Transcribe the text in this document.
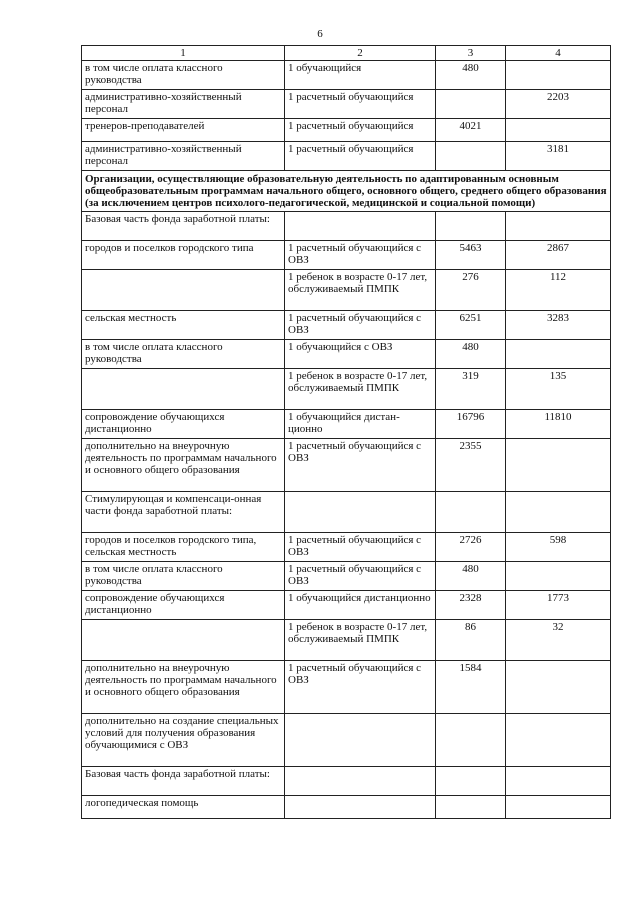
6
1	2	3	4
в том числе оплата классного руководства	1 обучающийся	480	
административно-хозяйственный персонал	1 расчетный обучающийся		2203
тренеров-преподавателей	1 расчетный обучающийся	4021	
административно-хозяйственный персонал	1 расчетный обучающийся		3181
Организации, осуществляющие образовательную деятельность по адаптированным основным общеобразовательным программам начального общего, основного общего, среднего общего образования (за исключением центров психолого-педагогической, медицинской и социальной помощи)			
Базовая часть фонда заработной платы:			
городов и поселков городского типа	1 расчетный обучающийся с ОВЗ	5463	2867
	1 ребенок в возрасте 0-17 лет, обслуживаемый ПМПК	276	112
сельская местность	1 расчетный обучающийся с ОВЗ	6251	3283
в том числе оплата классного руководства	1 обучающийся с ОВЗ	480	
	1 ребенок в возрасте 0-17 лет, обслуживаемый ПМПК	319	135
сопровождение обучающихся дистанционно	1 обучающийся дистан-ционно	16796	11810
дополнительно на внеурочную деятельность по программам начального и основного общего образования	1 расчетный обучающийся с ОВЗ	2355	
Стимулирующая и компенсаци-онная части фонда заработной платы:			
городов и поселков городского типа, сельская местность	1 расчетный обучающийся с ОВЗ	2726	598
в том числе оплата классного руководства	1 расчетный обучающийся с ОВЗ	480	
сопровождение обучающихся дистанционно	1 обучающийся дистанционно	2328	1773
	1 ребенок в возрасте 0-17 лет, обслуживаемый ПМПК	86	32
дополнительно на внеурочную деятельность по программам начального и основного общего образования	1 расчетный обучающийся с ОВЗ	1584	
дополнительно на создание специальных условий для получения образования обучающимися с ОВЗ			
Базовая часть фонда заработной платы:			
логопедическая помощь			
